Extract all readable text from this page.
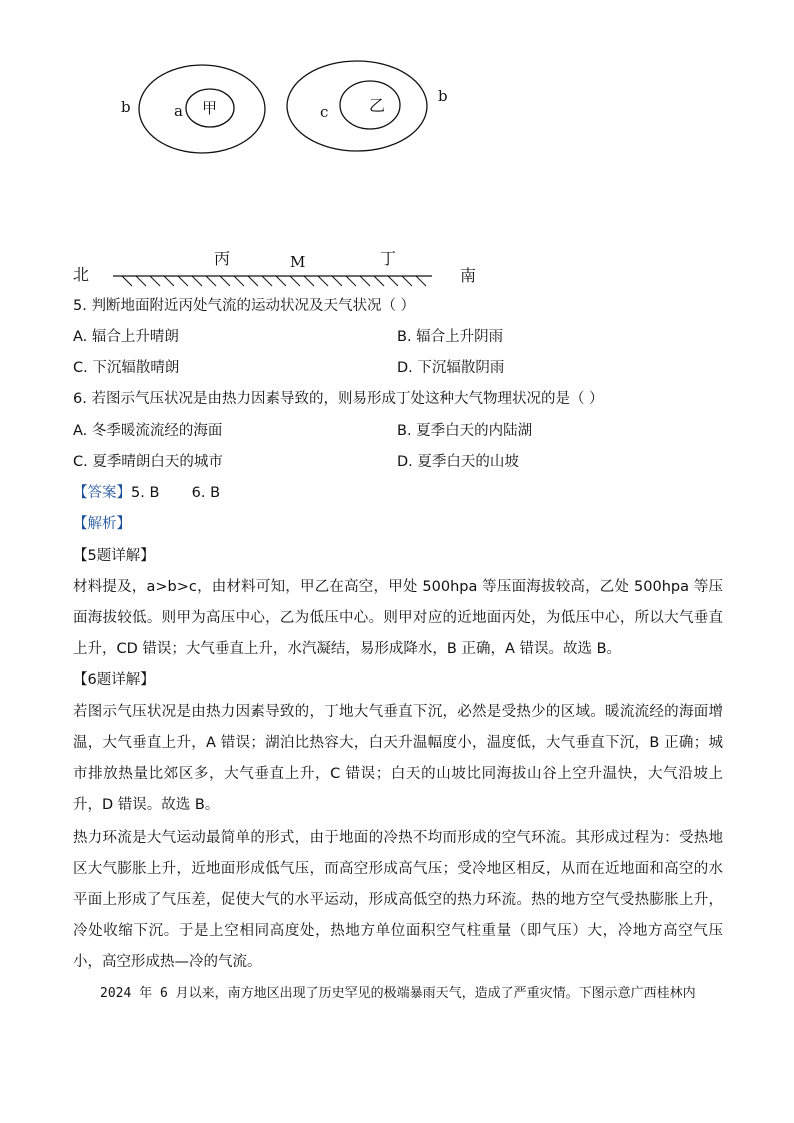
b	a 甲	c	乙	b
北	南
丙	M	丁
5. 判断地面附近丙处气流的运动状况及天气状况（ ）
A. 辐合上升晴朗	B. 辐合上升阴雨
C. 下沉辐散晴朗	D. 下沉辐散阴雨
6. 若图示气压状况是由热力因素导致的，则易形成丁处这种大气物理状况的是（ ）
A. 冬季暖流流经的海面	B. 夏季白天的内陆湖
C. 夏季晴朗白天的城市	D. 夏季白天的山坡
【答案】5. B       6. B
【解析】
【5题详解】
材料提及，a>b>c，由材料可知，甲乙在高空，甲处 500hpa 等压面海拔较高，乙处 500hpa 等压面海拔较低。则甲为高压中心，乙为低压中心。则甲对应的近地面丙处，为低压中心，所以大气垂直上升，CD 错误；大气垂直上升，水汽凝结，易形成降水，B 正确，A 错误。故选 B。
【6题详解】
若图示气压状况是由热力因素导致的，丁地大气垂直下沉，必然是受热少的区域。暖流流经的海面增温，大气垂直上升，A 错误；湖泊比热容大，白天升温幅度小，温度低，大气垂直下沉，B 正确；城市排放热量比郊区多，大气垂直上升，C 错误；白天的山坡比同海拔山谷上空升温快，大气沿坡上升，D 错误。故选 B。
热力环流是大气运动最简单的形式，由于地面的冷热不均而形成的空气环流。其形成过程为：受热地区大气膨胀上升，近地面形成低气压，而高空形成高气压；受冷地区相反，从而在近地面和高空的水平面上形成了气压差，促使大气的水平运动，形成高低空的热力环流。热的地方空气受热膨胀上升，冷处收缩下沉。于是上空相同高度处，热地方单位面积空气柱重量（即气压）大，冷地方高空气压小，高空形成热—冷的气流。
2024 年 6 月以来，南方地区出现了历史罕见的极端暴雨天气，造成了严重灾情。下图示意广西桂林内
